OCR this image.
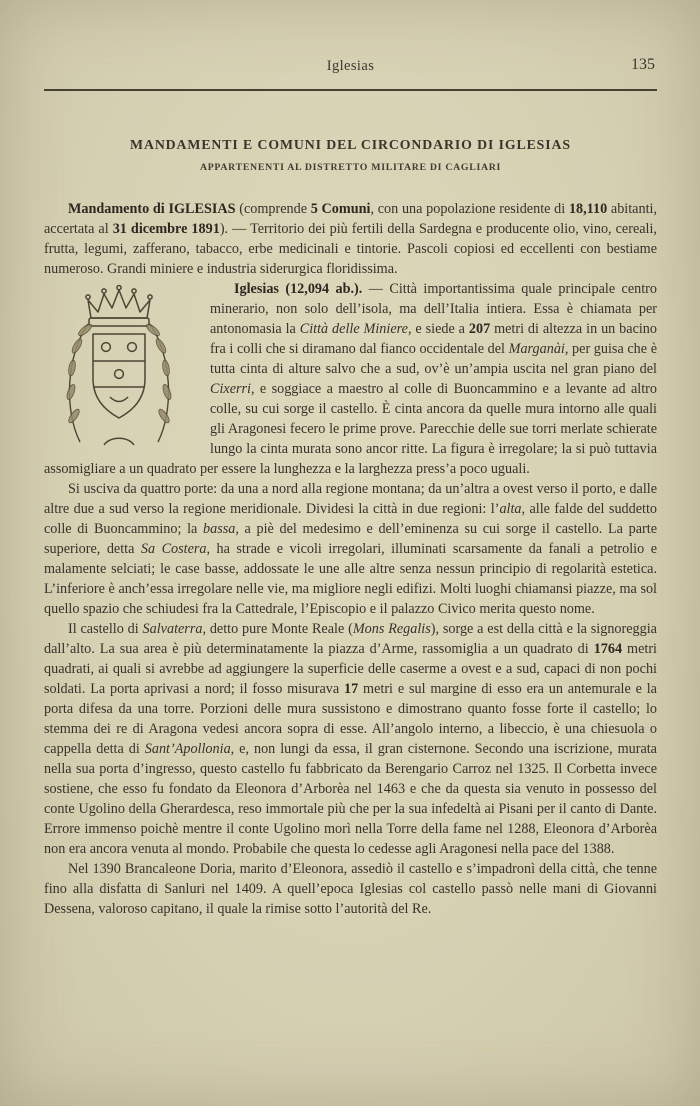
Iglesias	135
MANDAMENTI E COMUNI DEL CIRCONDARIO DI IGLESIAS
APPARTENENTI AL DISTRETTO MILITARE DI CAGLIARI

Mandamento di IGLESIAS (comprende 5 Comuni, con una popolazione residente di 18,110 abitanti, accertata al 31 dicembre 1891). — Territorio dei più fertili della Sardegna e producente olio, vino, cereali, frutta, legumi, zafferano, tabacco, erbe medicinali e tintorie. Pascoli copiosi ed eccellenti con bestiame numeroso. Grandi miniere e industria siderurgica floridissima.

Iglesias (12,094 ab.). — Città importantissima quale principale centro minerario, non solo dell’isola, ma dell’Italia intiera. Essa è chiamata per antonomasia la Città delle Miniere, e siede a 207 metri di altezza in un bacino fra i colli che si diramano dal fianco occidentale del Marganài, per guisa che è tutta cinta di alture salvo che a sud, ov’è un’ampia uscita nel gran piano del Cixerri, e soggiace a maestro al colle di Buoncammino e a levante ad altro colle, su cui sorge il castello. È cinta ancora da quelle mura intorno alle quali gli Aragonesi fecero le prime prove. Parecchie delle sue torri merlate schierate lungo la cinta murata sono ancor ritte. La figura è irregolare; la si può tuttavia assomigliare a un quadrato per essere la lunghezza e la larghezza press’a poco uguali.

Si usciva da quattro porte: da una a nord alla regione montana; da un’altra a ovest verso il porto, e dalle altre due a sud verso la regione meridionale. Dividesi la città in due regioni: l’alta, alle falde del suddetto colle di Buoncammino; la bassa, a piè del medesimo e dell’eminenza su cui sorge il castello. La parte superiore, detta Sa Costera, ha strade e vicoli irregolari, illuminati scarsamente da fanali a petrolio e malamente selciati; le case basse, addossate le une alle altre senza nessun principio di regolarità estetica. L’inferiore è anch’essa irregolare nelle vie, ma migliore negli edifizi. Molti luoghi chiamansi piazze, ma sol quello spazio che schiudesi fra la Cattedrale, l’Episcopio e il palazzo Civico merita questo nome.

Il castello di Salvaterra, detto pure Monte Reale (Mons Regalis), sorge a est della città e la signoreggia dall’alto. La sua area è più determinatamente la piazza d’Arme, rassomiglia a un quadrato di 1764 metri quadrati, ai quali si avrebbe ad aggiungere la superficie delle caserme a ovest e a sud, capaci di non pochi soldati. La porta aprivasi a nord; il fosso misurava 17 metri e sul margine di esso era un antemurale e la porta difesa da una torre. Porzioni delle mura sussistono e dimostrano quanto fosse forte il castello; lo stemma dei re di Aragona vedesi ancora sopra di esse. All’angolo interno, a libeccio, è una chiesuola o cappella detta di Sant’Apollonia, e, non lungi da essa, il gran cisternone. Secondo una iscrizione, murata nella sua porta d’ingresso, questo castello fu fabbricato da Berengario Carroz nel 1325. Il Corbetta invece sostiene, che esso fu fondato da Eleonora d’Arborèa nel 1463 e che da questa sia venuto in possesso del conte Ugolino della Gherardesca, reso immortale più che per la sua infedeltà ai Pisani per il canto di Dante. Errore immenso poichè mentre il conte Ugolino morì nella Torre della fame nel 1288, Eleonora d’Arborèa non era ancora venuta al mondo. Probabile che questa lo cedesse agli Aragonesi nella pace del 1388.

Nel 1390 Brancaleone Doria, marito d’Eleonora, assediò il castello e s’impadronì della città, che tenne fino alla disfatta di Sanluri nel 1409. A quell’epoca Iglesias col castello passò nelle mani di Giovanni Dessena, valoroso capitano, il quale la rimise sotto l’autorità del Re.
